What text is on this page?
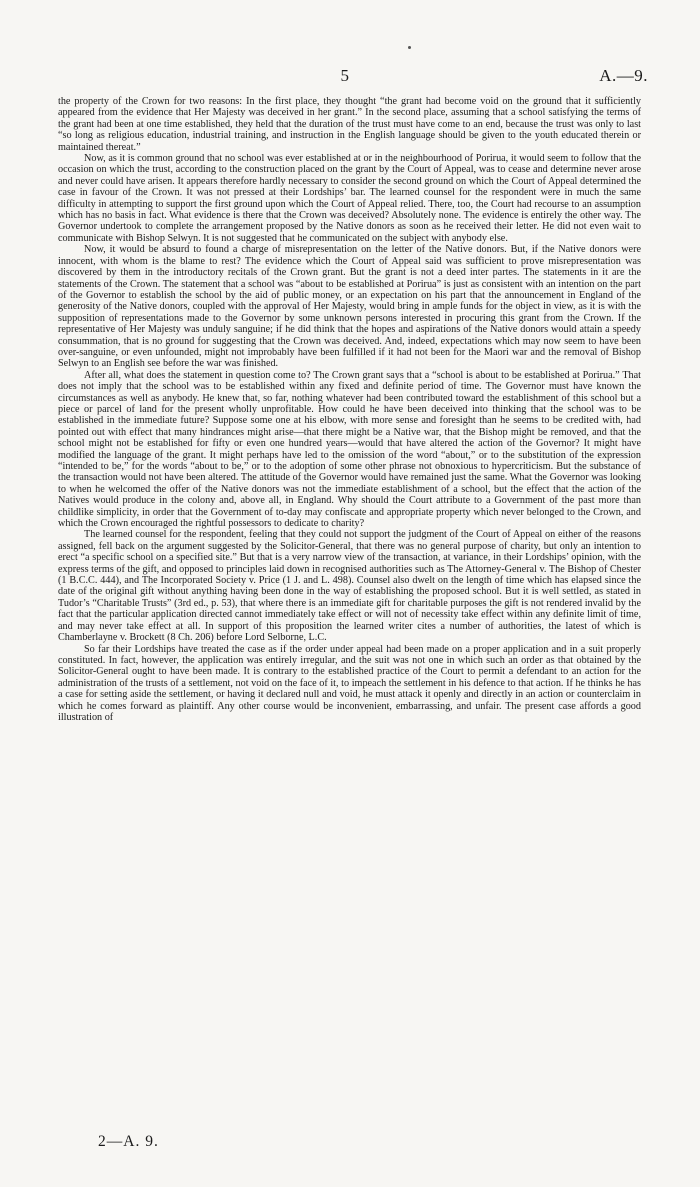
5	A.—9.

the property of the Crown for two reasons: In the first place, they thought “the grant had become void on the ground that it sufficiently appeared from the evidence that Her Majesty was deceived in her grant.” In the second place, assuming that a school satisfying the terms of the grant had been at one time established, they held that the duration of the trust must have come to an end, because the trust was only to last “so long as religious education, industrial training, and instruction in the English language should be given to the youth educated therein or maintained thereat.”

Now, as it is common ground that no school was ever established at or in the neighbourhood of Porirua, it would seem to follow that the occasion on which the trust, according to the construction placed on the grant by the Court of Appeal, was to cease and determine never arose and never could have arisen. It appears therefore hardly necessary to consider the second ground on which the Court of Appeal determined the case in favour of the Crown. It was not pressed at their Lordships’ bar. The learned counsel for the respondent were in much the same difficulty in attempting to support the first ground upon which the Court of Appeal relied. There, too, the Court had recourse to an assumption which has no basis in fact. What evidence is there that the Crown was deceived? Absolutely none. The evidence is entirely the other way. The Governor undertook to complete the arrangement proposed by the Native donors as soon as he received their letter. He did not even wait to communicate with Bishop Selwyn. It is not suggested that he communicated on the subject with anybody else.

Now, it would be absurd to found a charge of misrepresentation on the letter of the Native donors. But, if the Native donors were innocent, with whom is the blame to rest? The evidence which the Court of Appeal said was sufficient to prove misrepresentation was discovered by them in the introductory recitals of the Crown grant. But the grant is not a deed inter partes. The statements in it are the statements of the Crown. The statement that a school was “about to be established at Porirua” is just as consistent with an intention on the part of the Governor to establish the school by the aid of public money, or an expectation on his part that the announcement in England of the generosity of the Native donors, coupled with the approval of Her Majesty, would bring in ample funds for the object in view, as it is with the supposition of representations made to the Governor by some unknown persons interested in procuring this grant from the Crown. If the representative of Her Majesty was unduly sanguine; if he did think that the hopes and aspirations of the Native donors would attain a speedy consummation, that is no ground for suggesting that the Crown was deceived. And, indeed, expectations which may now seem to have been over-sanguine, or even unfounded, might not improbably have been fulfilled if it had not been for the Maori war and the removal of Bishop Selwyn to an English see before the war was finished.

After all, what does the statement in question come to? The Crown grant says that a “school is about to be established at Porirua.” That does not imply that the school was to be established within any fixed and definite period of time. The Governor must have known the circumstances as well as anybody. He knew that, so far, nothing whatever had been contributed toward the establishment of this school but a piece or parcel of land for the present wholly unprofitable. How could he have been deceived into thinking that the school was to be established in the immediate future? Suppose some one at his elbow, with more sense and foresight than he seems to be credited with, had pointed out with effect that many hindrances might arise—that there might be a Native war, that the Bishop might be removed, and that the school might not be established for fifty or even one hundred years—would that have altered the action of the Governor? It might have modified the language of the grant. It might perhaps have led to the omission of the word “about,” or to the substitution of the expression “intended to be,” for the words “about to be,” or to the adoption of some other phrase not obnoxious to hypercriticism. But the substance of the transaction would not have been altered. The attitude of the Governor would have remained just the same. What the Governor was looking to when he welcomed the offer of the Native donors was not the immediate establishment of a school, but the effect that the action of the Natives would produce in the colony and, above all, in England. Why should the Court attribute to a Government of the past more than childlike simplicity, in order that the Government of to-day may confiscate and appropriate property which never belonged to the Crown, and which the Crown encouraged the rightful possessors to dedicate to charity?

The learned counsel for the respondent, feeling that they could not support the judgment of the Court of Appeal on either of the reasons assigned, fell back on the argument suggested by the Solicitor-General, that there was no general purpose of charity, but only an intention to erect “a specific school on a specified site.” But that is a very narrow view of the transaction, at variance, in their Lordships’ opinion, with the express terms of the gift, and opposed to principles laid down in recognised authorities such as The Attorney-General v. The Bishop of Chester (1 B.C.C. 444), and The Incorporated Society v. Price (1 J. and L. 498). Counsel also dwelt on the length of time which has elapsed since the date of the original gift without anything having been done in the way of establishing the proposed school. But it is well settled, as stated in Tudor’s “Charitable Trusts” (3rd ed., p. 53), that where there is an immediate gift for charitable purposes the gift is not rendered invalid by the fact that the particular application directed cannot immediately take effect or will not of necessity take effect within any definite limit of time, and may never take effect at all. In support of this proposition the learned writer cites a number of authorities, the latest of which is Chamberlayne v. Brockett (8 Ch. 206) before Lord Selborne, L.C.

So far their Lordships have treated the case as if the order under appeal had been made on a proper application and in a suit properly constituted. In fact, however, the application was entirely irregular, and the suit was not one in which such an order as that obtained by the Solicitor-General ought to have been made. It is contrary to the established practice of the Court to permit a defendant to an action for the administration of the trusts of a settlement, not void on the face of it, to impeach the settlement in his defence to that action. If he thinks he has a case for setting aside the settlement, or having it declared null and void, he must attack it openly and directly in an action or counterclaim in which he comes forward as plaintiff. Any other course would be inconvenient, embarrassing, and unfair. The present case affords a good illustration of

2—A. 9.
